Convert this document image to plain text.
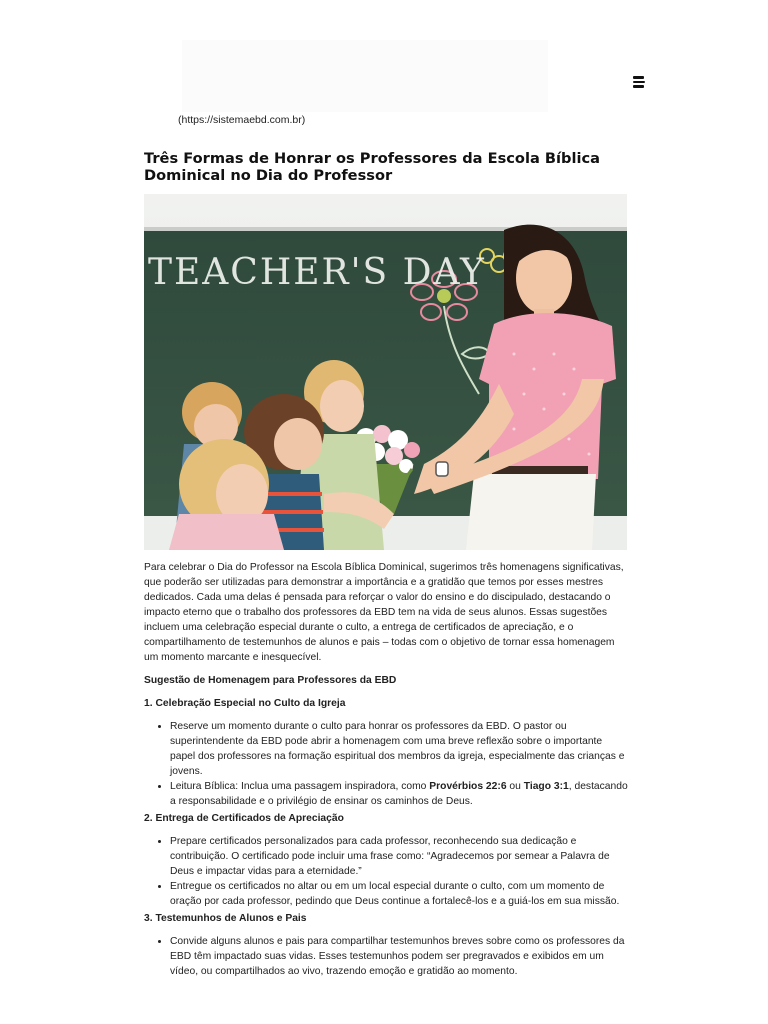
(https://sistemaebd.com.br)
Três Formas de Honrar os Professores da Escola Bíblica Dominical no Dia do Professor
TEACHER'S DAY

Para celebrar o Dia do Professor na Escola Bíblica Dominical, sugerimos três homenagens significativas, que poderão ser utilizadas para demonstrar a importância e a gratidão que temos por esses mestres dedicados. Cada uma delas é pensada para reforçar o valor do ensino e do discipulado, destacando o impacto eterno que o trabalho dos professores da EBD tem na vida de seus alunos. Essas sugestões incluem uma celebração especial durante o culto, a entrega de certificados de apreciação, e o compartilhamento de testemunhos de alunos e pais – todas com o objetivo de tornar essa homenagem um momento marcante e inesquecível.

Sugestão de Homenagem para Professores da EBD
1. Celebração Especial no Culto da Igreja
• Reserve um momento durante o culto para honrar os professores da EBD. O pastor ou superintendente da EBD pode abrir a homenagem com uma breve reflexão sobre o importante papel dos professores na formação espiritual dos membros da igreja, especialmente das crianças e jovens.
• Leitura Bíblica: Inclua uma passagem inspiradora, como Provérbios 22:6 ou Tiago 3:1, destacando a responsabilidade e o privilégio de ensinar os caminhos de Deus.
2. Entrega de Certificados de Apreciação
• Prepare certificados personalizados para cada professor, reconhecendo sua dedicação e contribuição. O certificado pode incluir uma frase como: “Agradecemos por semear a Palavra de Deus e impactar vidas para a eternidade.”
• Entregue os certificados no altar ou em um local especial durante o culto, com um momento de oração por cada professor, pedindo que Deus continue a fortalecê-los e a guiá-los em sua missão.
3. Testemunhos de Alunos e Pais
• Convide alguns alunos e pais para compartilhar testemunhos breves sobre como os professores da EBD têm impactado suas vidas. Esses testemunhos podem ser pregravados e exibidos em um vídeo, ou compartilhados ao vivo, trazendo emoção e gratidão ao momento.
